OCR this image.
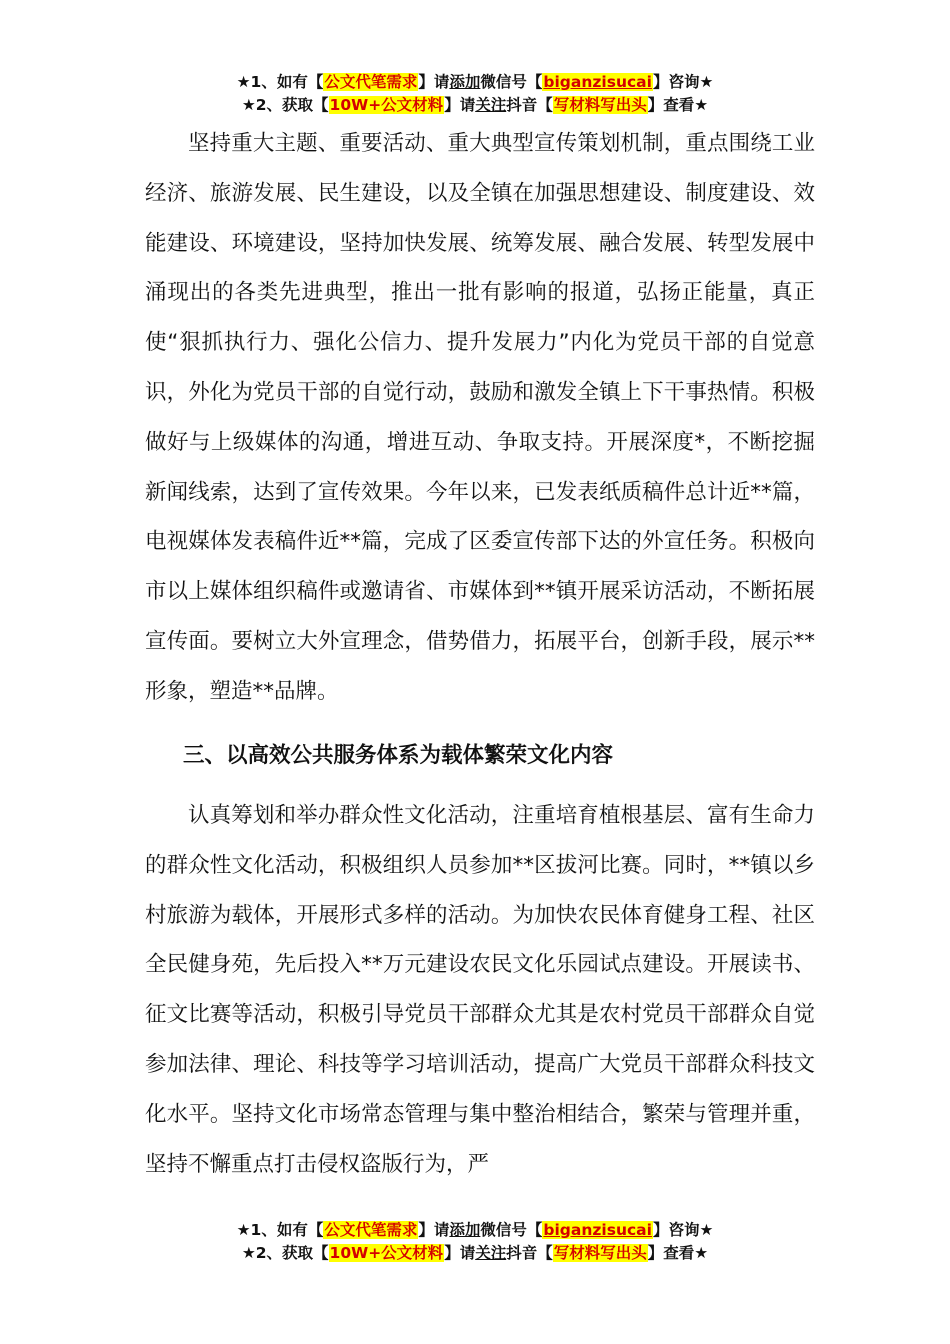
★1、如有【公文代笔需求】请添加微信号【biganzisucai】咨询★
★2、获取【10W+公文材料】请关注抖音【写材料写出头】查看★

坚持重大主题、重要活动、重大典型宣传策划机制，重点围绕工业经济、旅游发展、民生建设，以及全镇在加强思想建设、制度建设、效能建设、环境建设，坚持加快发展、统筹发展、融合发展、转型发展中涌现出的各类先进典型，推出一批有影响的报道，弘扬正能量，真正使“狠抓执行力、强化公信力、提升发展力”内化为党员干部的自觉意识，外化为党员干部的自觉行动，鼓励和激发全镇上下干事热情。积极做好与上级媒体的沟通，增进互动、争取支持。开展深度*，不断挖掘新闻线索，达到了宣传效果。今年以来，已发表纸质稿件总计近**篇，电视媒体发表稿件近**篇，完成了区委宣传部下达的外宣任务。积极向市以上媒体组织稿件或邀请省、市媒体到**镇开展采访活动，不断拓展宣传面。要树立大外宣理念，借势借力，拓展平台，创新手段，展示**形象，塑造**品牌。

三、以高效公共服务体系为载体繁荣文化内容

认真筹划和举办群众性文化活动，注重培育植根基层、富有生命力的群众性文化活动，积极组织人员参加**区拔河比赛。同时，**镇以乡村旅游为载体，开展形式多样的活动。为加快农民体育健身工程、社区全民健身苑，先后投入**万元建设农民文化乐园试点建设。开展读书、征文比赛等活动，积极引导党员干部群众尤其是农村党员干部群众自觉参加法律、理论、科技等学习培训活动，提高广大党员干部群众科技文化水平。坚持文化市场常态管理与集中整治相结合，繁荣与管理并重，坚持不懈重点打击侵权盗版行为，严

★1、如有【公文代笔需求】请添加微信号【biganzisucai】咨询★
★2、获取【10W+公文材料】请关注抖音【写材料写出头】查看★
